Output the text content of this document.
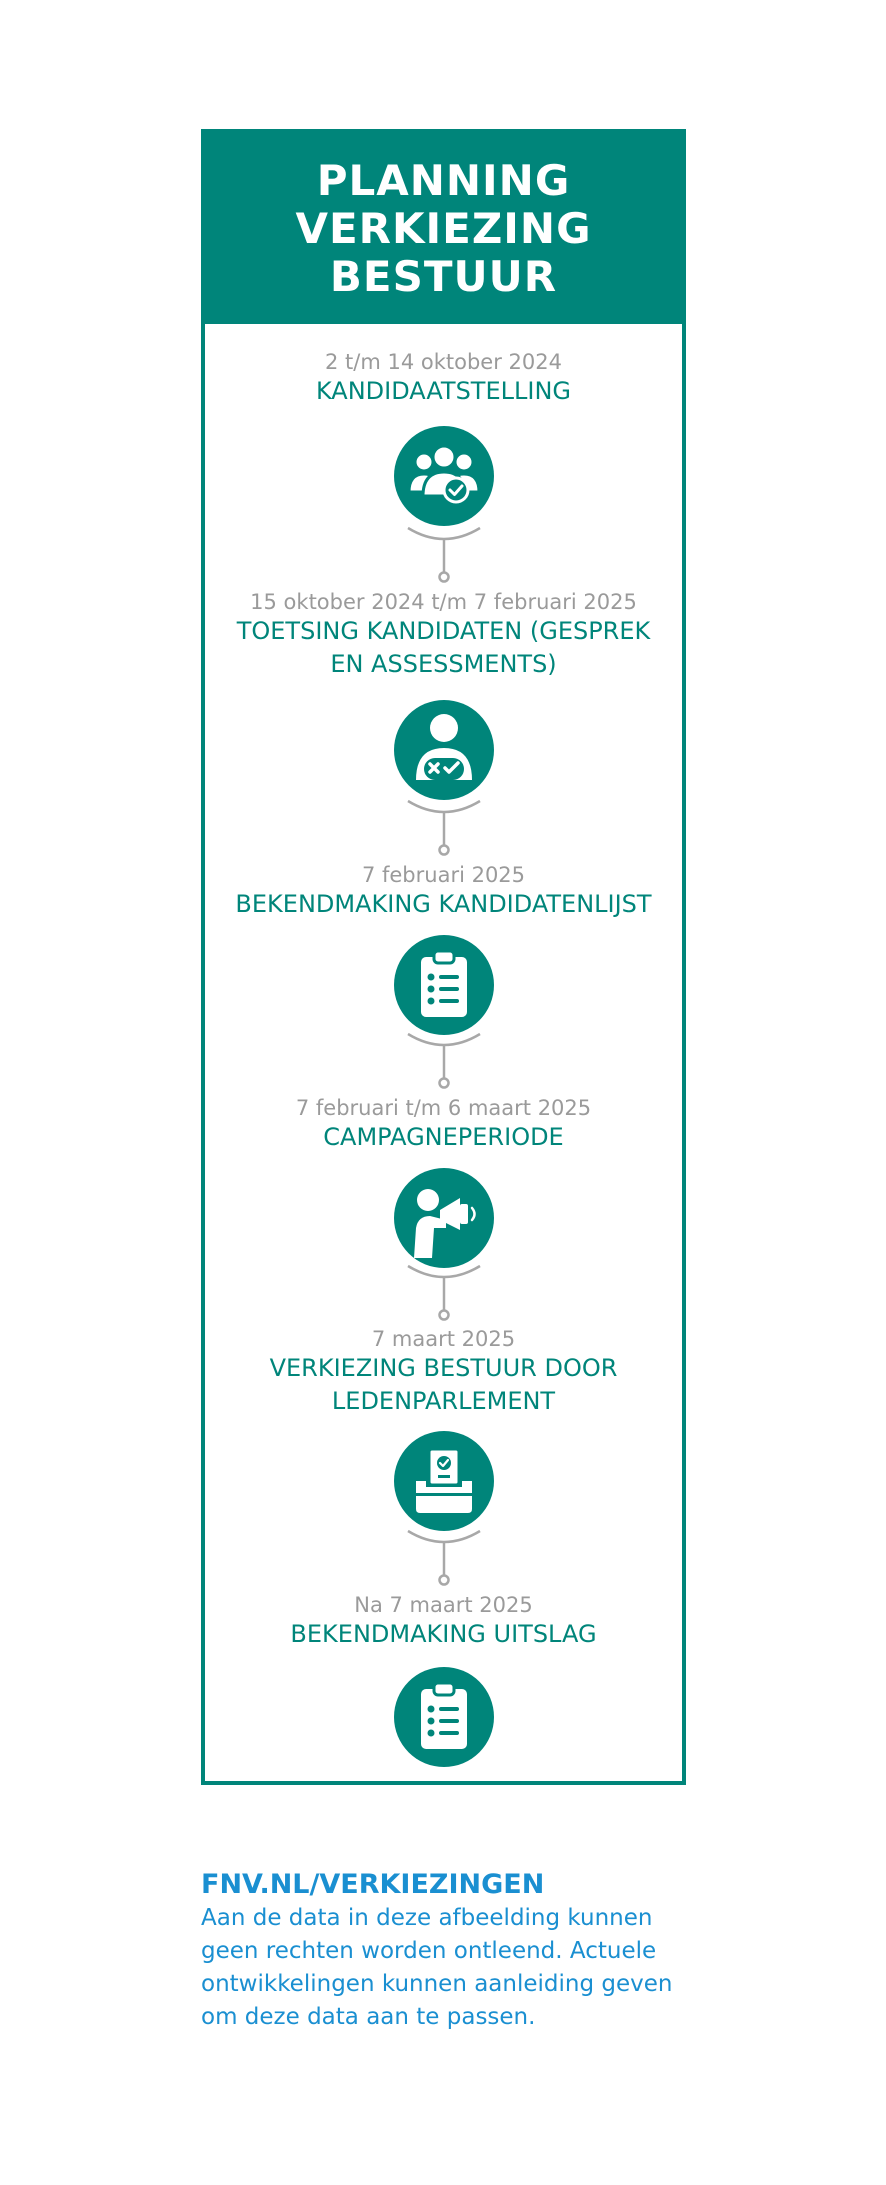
PLANNING
VERKIEZING
BESTUUR
2 t/m 14 oktober 2024
KANDIDAATSTELLING
15 oktober 2024 t/m 7 februari 2025
TOETSING KANDIDATEN (GESPREK EN ASSESSMENTS)
7 februari 2025
BEKENDMAKING KANDIDATENLIJST
7 februari t/m 6 maart 2025
CAMPAGNEPERIODE
7 maart 2025
VERKIEZING BESTUUR DOOR LEDENPARLEMENT
Na 7 maart 2025
BEKENDMAKING UITSLAG
FNV.NL/VERKIEZINGEN
Aan de data in deze afbeelding kunnen geen rechten worden ontleend. Actuele ontwikkelingen kunnen aanleiding geven om deze data aan te passen.
